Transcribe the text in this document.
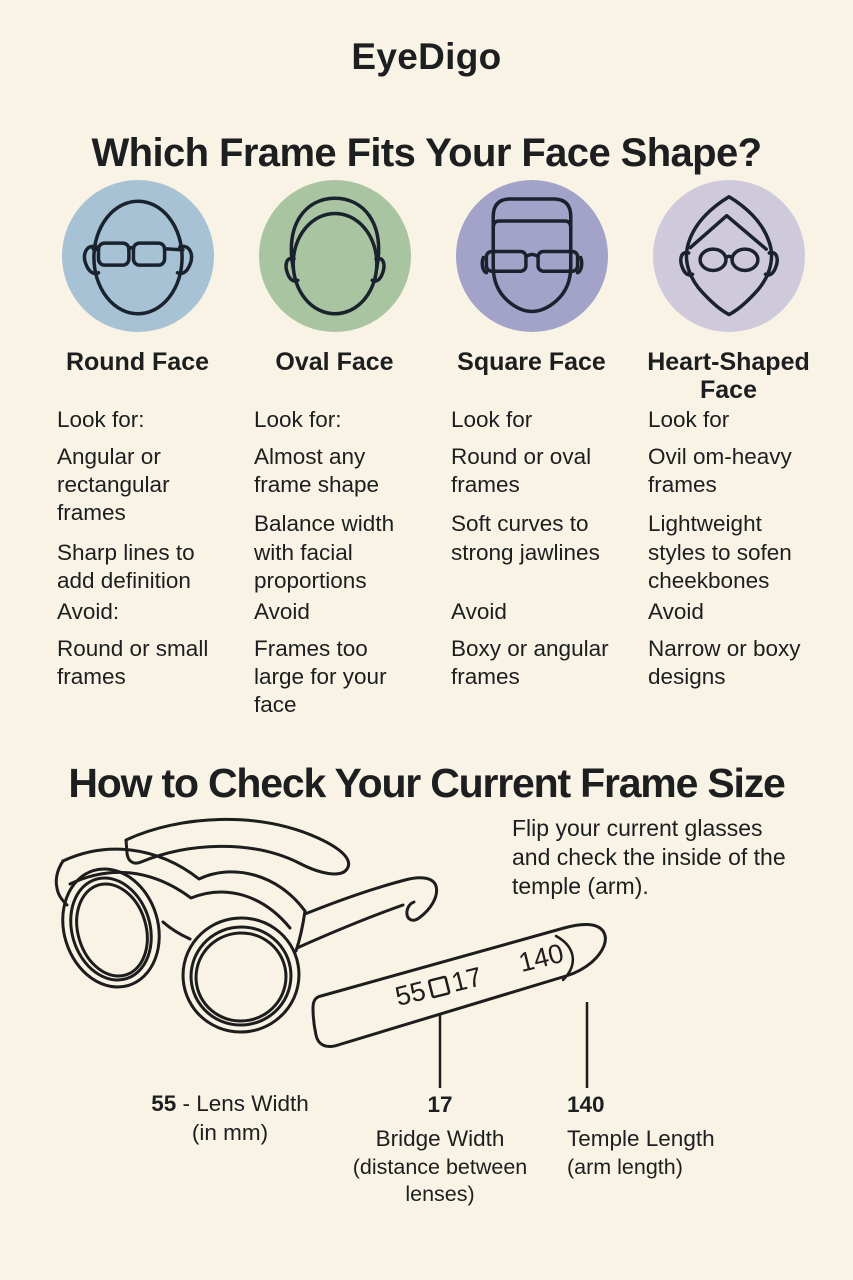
EyeDigo
Which Frame Fits Your Face Shape?
Round Face
Look for:

Angular or rectangular frames

Sharp lines to add definition

Avoid:

Round or small frames

Oval Face
Look for:

Almost any frame shape

Balance width with facial proportions

Avoid

Frames too large for your face

Square Face
Look for

Round or oval frames

Soft curves to strong jawlines

Avoid

Boxy or angular frames

Heart-Shaped Face
Look for

Ovil om-heavy frames

Lightweight styles to sofen cheekbones

Avoid

Narrow or boxy designs

How to Check Your Current Frame Size
55 17
140
Flip your current glasses and check the inside of the temple (arm).
55 - Lens Width
(in mm)
17
Bridge Width
(distance between lenses)
140
Temple Length
(arm length)
